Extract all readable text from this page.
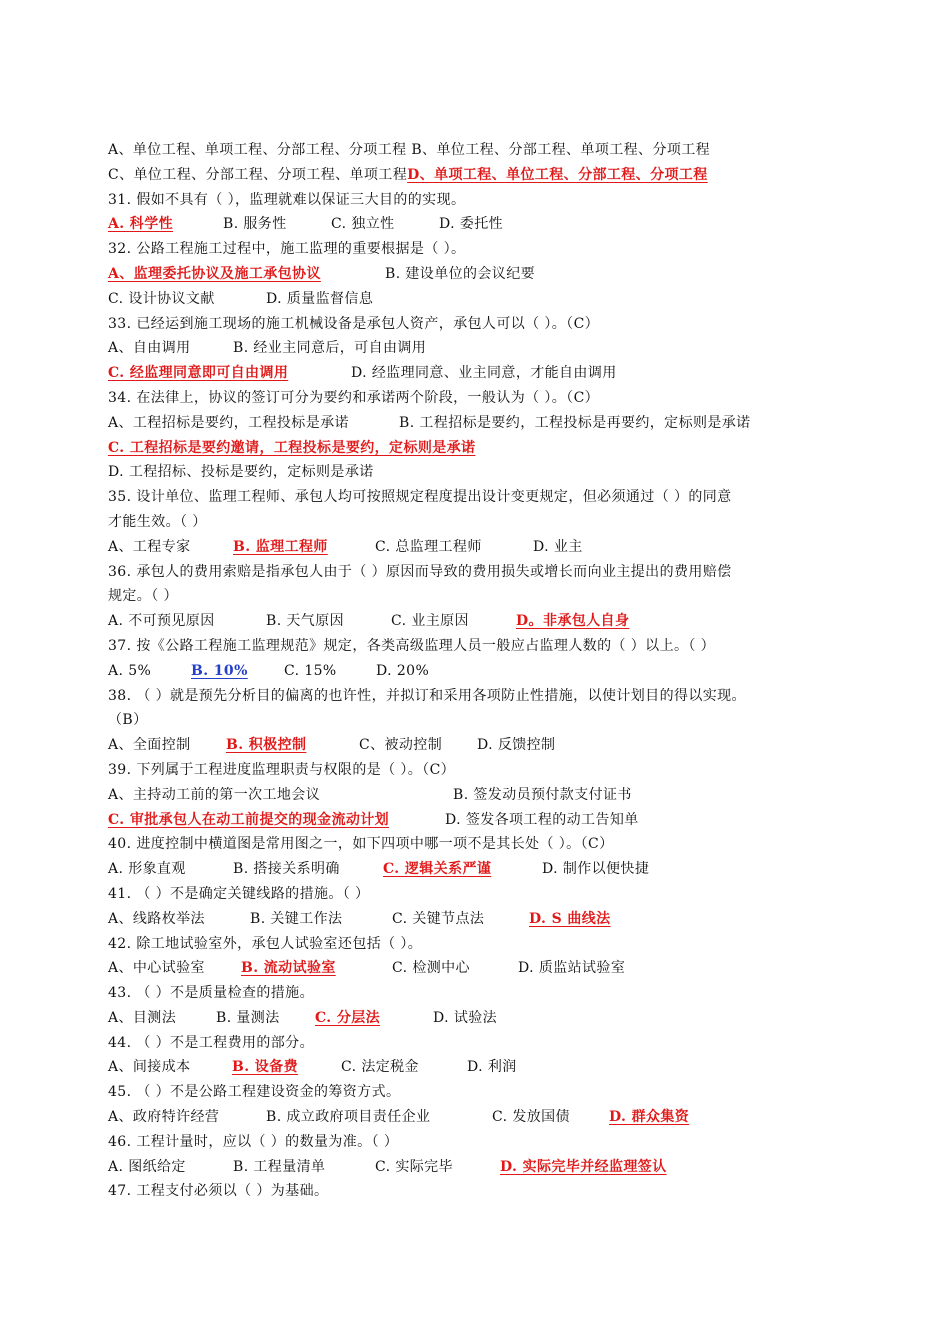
A、单位工程、单项工程、分部工程、分项工程 B、单位工程、分部工程、单项工程、分项工程
C、单位工程、分部工程、分项工程、单项工程D、单项工程、单位工程、分部工程、分项工程
31. 假如不具有（ ），监理就难以保证三大目的的实现。
A. 科学性	B. 服务性	C. 独立性	D. 委托性
32. 公路工程施工过程中，施工监理的重要根据是（ ）。
A、监理委托协议及施工承包协议	B. 建设单位的会议纪要
C. 设计协议文献	D. 质量监督信息
33. 已经运到施工现场的施工机械设备是承包人资产，承包人可以（ ）。（C）
A、自由调用	B. 经业主同意后，可自由调用
C. 经监理同意即可自由调用	D. 经监理同意、业主同意，才能自由调用
34. 在法律上，协议的签订可分为要约和承诺两个阶段，一般认为（ ）。（C）
A、工程招标是要约，工程投标是承诺	B. 工程招标是要约，工程投标是再要约，定标则是承诺
C. 工程招标是要约邀请，工程投标是要约，定标则是承诺
D. 工程招标、投标是要约，定标则是承诺
35. 设计单位、监理工程师、承包人均可按照规定程度提出设计变更规定，但必须通过（ ）的同意
才能生效。（ ）
A、工程专家	B. 监理工程师	C. 总监理工程师	D. 业主
36. 承包人的费用索赔是指承包人由于（ ）原因而导致的费用损失或增长而向业主提出的费用赔偿
规定。（ ）
A. 不可预见原因	B. 天气原因	C. 业主原因	D。非承包人自身
37. 按《公路工程施工监理规范》规定，各类高级监理人员一般应占监理人数的（ ）以上。（ ）
A. 5%	B. 10%	C. 15%	D. 20%
38. （ ）就是预先分析目的偏离的也许性，并拟订和采用各项防止性措施，以使计划目的得以实现。
（B）
A、全面控制	B. 积极控制	C、被动控制 D. 反馈控制
39. 下列属于工程进度监理职责与权限的是（ ）。（C）
A、主持动工前的第一次工地会议	B. 签发动员预付款支付证书
C. 审批承包人在动工前提交的现金流动计划	D. 签发各项工程的动工告知单
40. 进度控制中横道图是常用图之一，如下四项中哪一项不是其长处（ ）。（C）
A. 形象直观	B. 搭接关系明确	C. 逻辑关系严谨	D. 制作以便快捷
41. （ ）不是确定关键线路的措施。（ ）
A、线路枚举法	B. 关键工作法	C. 关键节点法	D. S 曲线法
42. 除工地试验室外，承包人试验室还包括（ ）。
A、中心试验室	B. 流动试验室	C. 检测中心	D. 质监站试验室
43. （ ）不是质量检查的措施。
A、目测法	B. 量测法	C. 分层法	D. 试验法
44. （ ）不是工程费用的部分。
A、间接成本	B. 设备费	C. 法定税金	D. 利润
45. （ ）不是公路工程建设资金的筹资方式。
A、政府特许经营	B. 成立政府项目责任企业	C. 发放国债	D. 群众集资
46. 工程计量时，应以（ ）的数量为准。（ ）
A. 图纸给定	B. 工程量清单	C. 实际完毕	D. 实际完毕并经监理签认
47. 工程支付必须以（ ）为基础。
